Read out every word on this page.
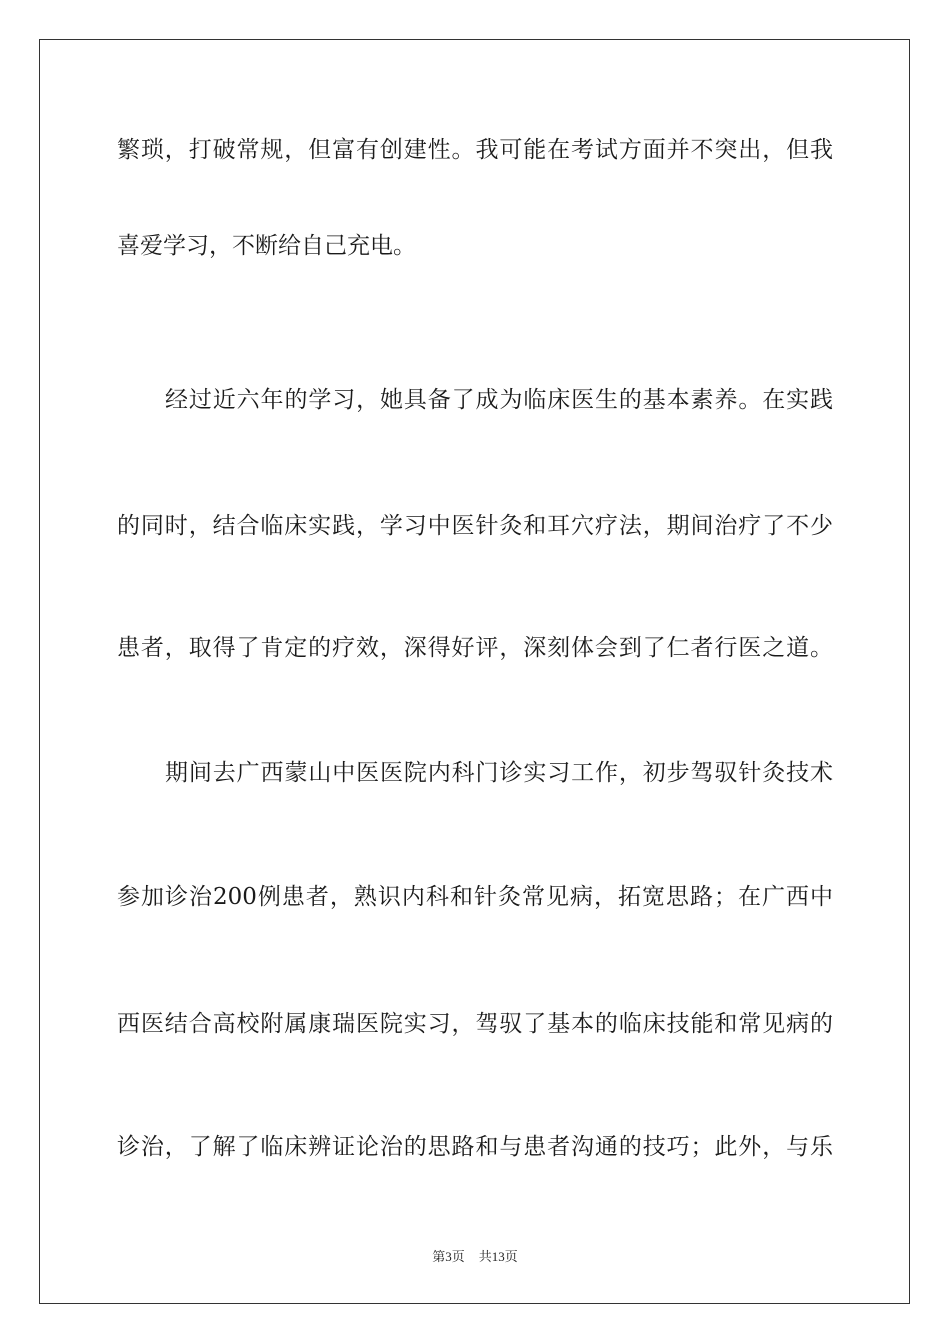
繁琐，打破常规，但富有创建性。我可能在考试方面并不突出，但我
喜爱学习，不断给自己充电。
经过近六年的学习，她具备了成为临床医生的基本素养。在实践
的同时，结合临床实践，学习中医针灸和耳穴疗法，期间治疗了不少
患者，取得了肯定的疗效，深得好评，深刻体会到了仁者行医之道。
期间去广西蒙山中医医院内科门诊实习工作，初步驾驭针灸技术
参加诊治200例患者，熟识内科和针灸常见病，拓宽思路；在广西中
西医结合高校附属康瑞医院实习，驾驭了基本的临床技能和常见病的
诊治，了解了临床辨证论治的思路和与患者沟通的技巧；此外，与乐
第3页 共13页
